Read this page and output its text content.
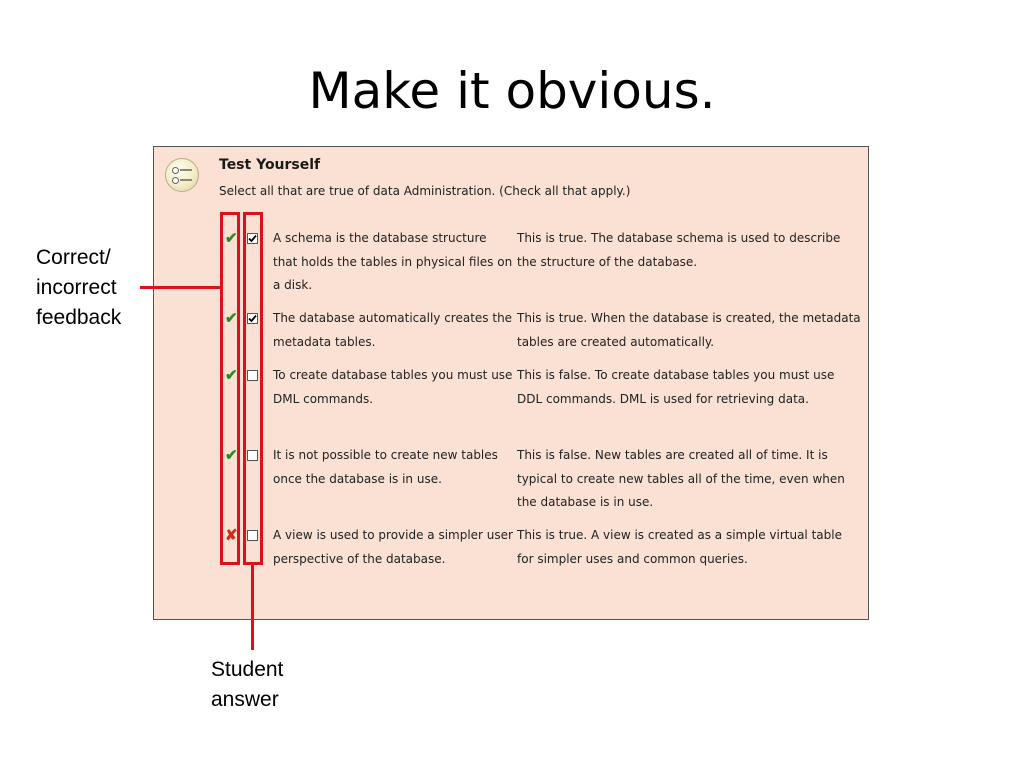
Make it obvious.
Test Yourself
Select all that are true of data Administration. (Check all that apply.)
✔	A schema is the database structure that holds the tables in physical files on a disk.
This is true. The database schema is used to describe the structure of the database.
✔	The database automatically creates the metadata tables.
This is true. When the database is created, the metadata tables are created automatically.
✔	To create database tables you must use DML commands.
This is false. To create database tables you must use DDL commands. DML is used for retrieving data.
✔	It is not possible to create new tables once the database is in use.
This is false. New tables are created all of time. It is typical to create new tables all of the time, even when the database is in use.
✘	A view is used to provide a simpler user perspective of the database.
This is true. A view is created as a simple virtual table for simpler uses and common queries.
Correct/
incorrect
feedback
Student
answer
